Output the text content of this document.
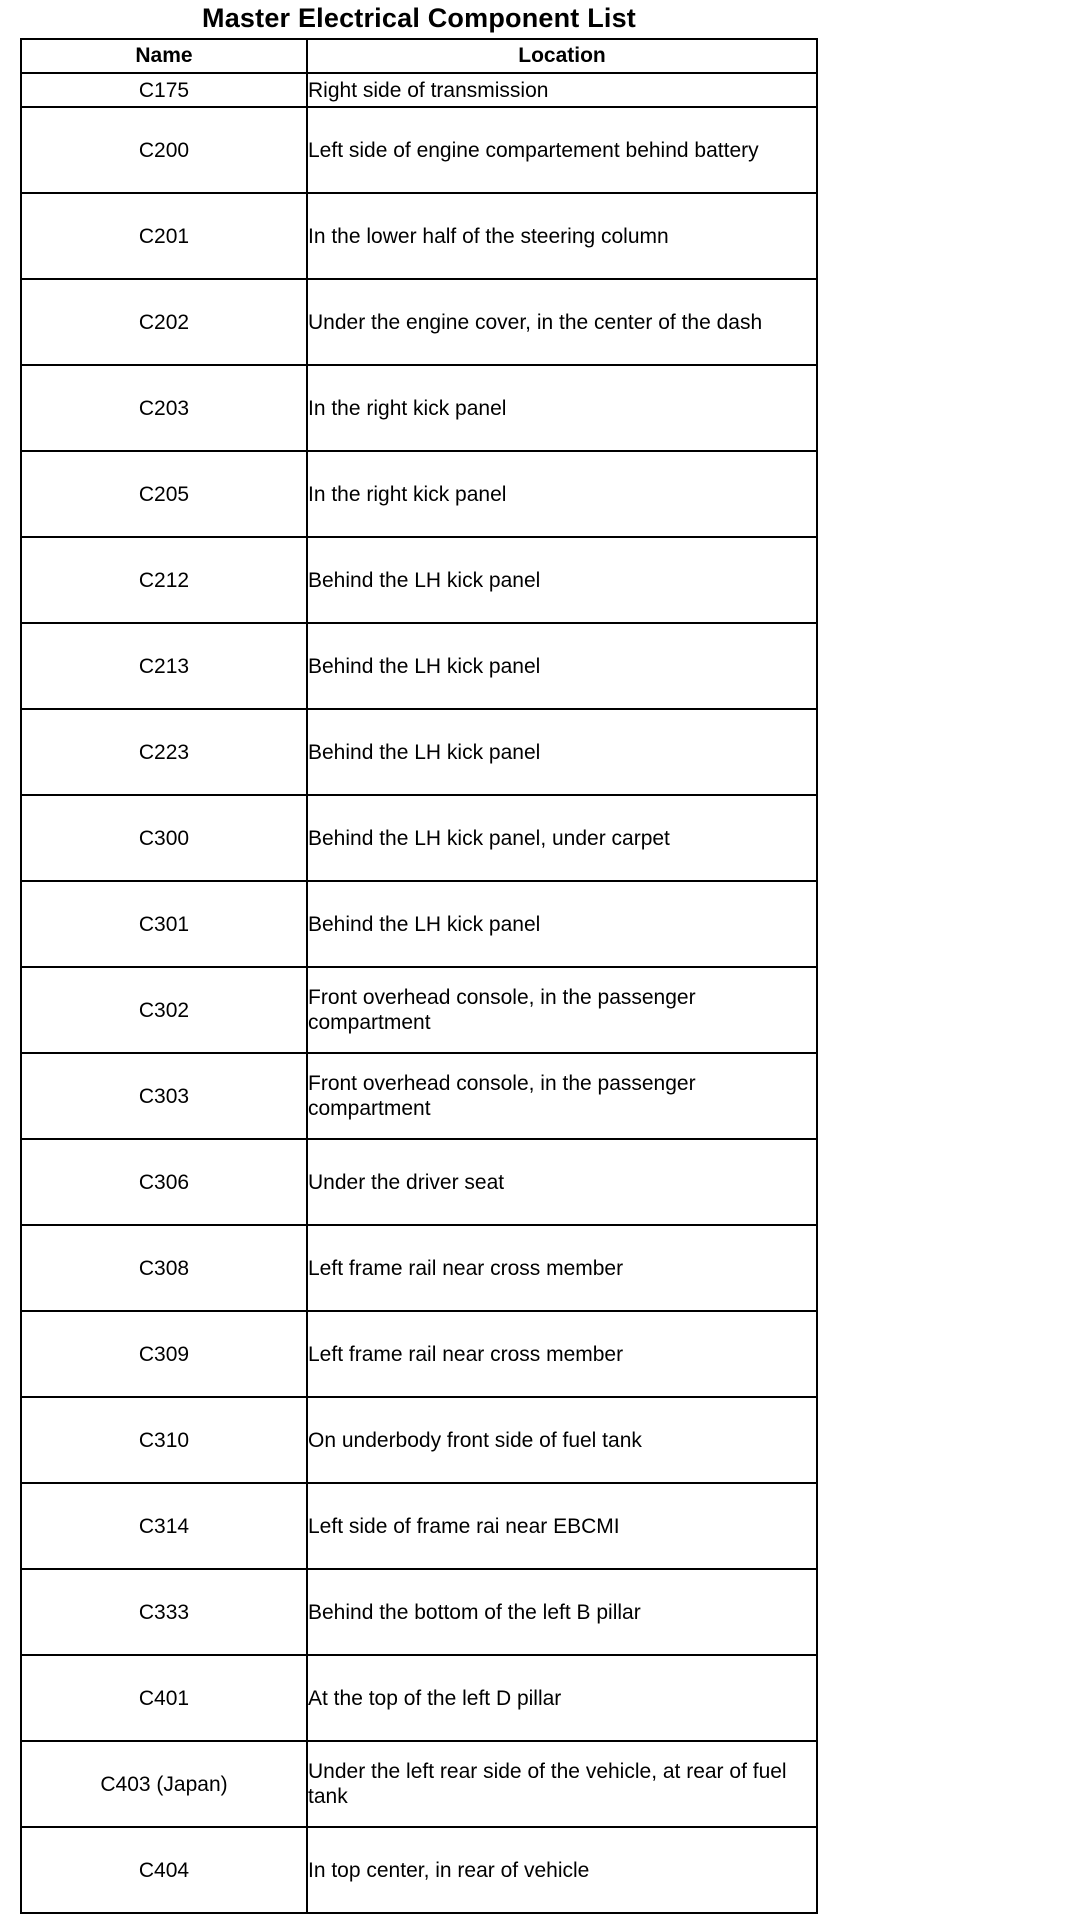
Master Electrical Component List
Name	Location
C175	Right side of transmission
C200	Left side of engine compartement behind battery
C201	In the lower half of the steering column
C202	Under the engine cover, in the center of the dash
C203	In the right kick panel
C205	In the right kick panel
C212	Behind the LH kick panel
C213	Behind the LH kick panel
C223	Behind the LH kick panel
C300	Behind the LH kick panel, under carpet
C301	Behind the LH kick panel
C302	Front overhead console, in the passenger compartment
C303	Front overhead console, in the passenger compartment
C306	Under the driver seat
C308	Left frame rail near cross member
C309	Left frame rail near cross member
C310	On underbody front side of fuel tank
C314	Left side of frame rai near EBCMI
C333	Behind the bottom of the left B pillar
C401	At the top of the left D pillar
C403 (Japan)	Under the left rear side of the vehicle, at rear of fuel tank
C404	In top center, in rear of vehicle
